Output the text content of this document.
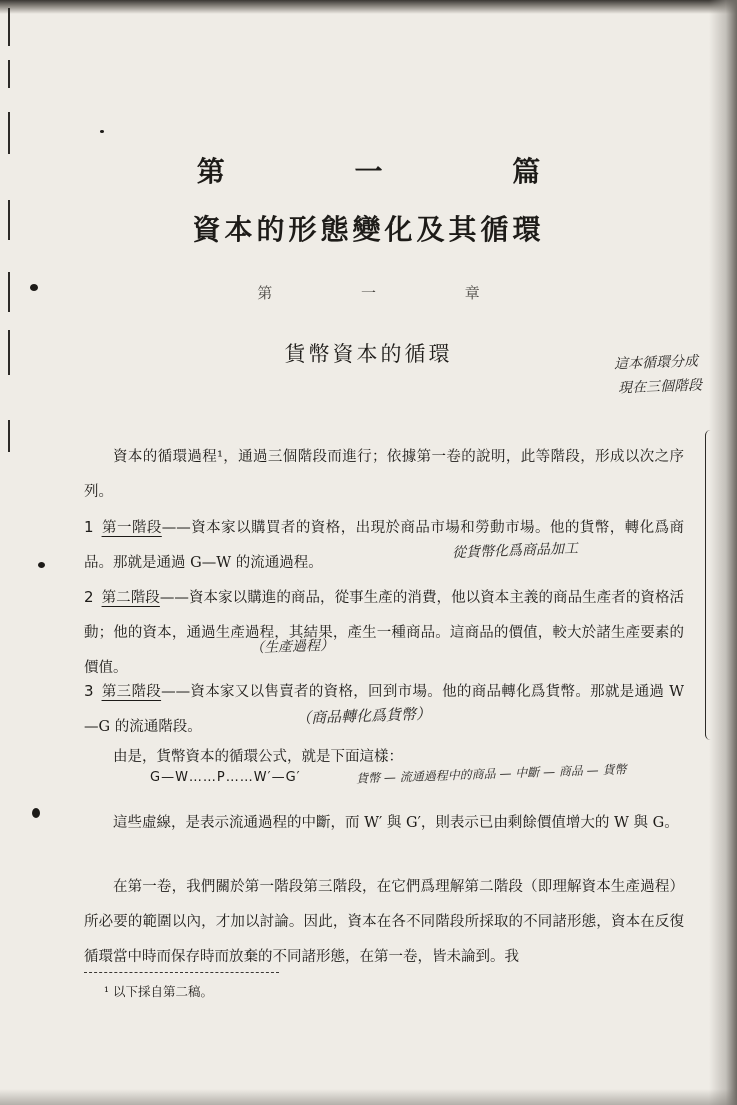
第 一 篇
資本的形態變化及其循環
第 一 章
貨幣資本的循環	這本循環分成
現在三個階段

資本的循環過程¹，通過三個階段而進行；依據第一卷的說明，此等階段，形成以次之序列。

1 第一階段——資本家以購買者的資格，出現於商品市場和勞動市場。他的貨幣，轉化爲商品。那就是通過 G—W 的流通過程。

從貨幣化爲商品加工

2 第二階段——資本家以購進的商品，從事生產的消費，他以資本主義的商品生產者的資格活動；他的資本，通過生產過程，其結果，產生一種商品。這商品的價值，較大於諸生產要素的價值。

（生產過程）

3 第三階段——資本家又以售賣者的資格，回到市場。他的商品轉化爲貨幣。那就是通過 W—G 的流通階段。	（商品轉化爲貨幣）

由是，貨幣資本的循環公式，就是下面這樣：

G—W……P……W′—G′	貨幣 — 流通過程中的商品 — 中斷 — 商品 — 貨幣

這些虛線，是表示流通過程的中斷，而 W′ 與 G′，則表示已由剩餘價值增大的 W 與 G。

在第一卷，我們關於第一階段第三階段，在它們爲理解第二階段（即理解資本生產過程）所必要的範圍以內，才加以討論。因此，資本在各不同階段所採取的不同諸形態，資本在反復循環當中時而保存時而放棄的不同諸形態，在第一卷，皆未論到。我

¹ 以下採自第二稿。
